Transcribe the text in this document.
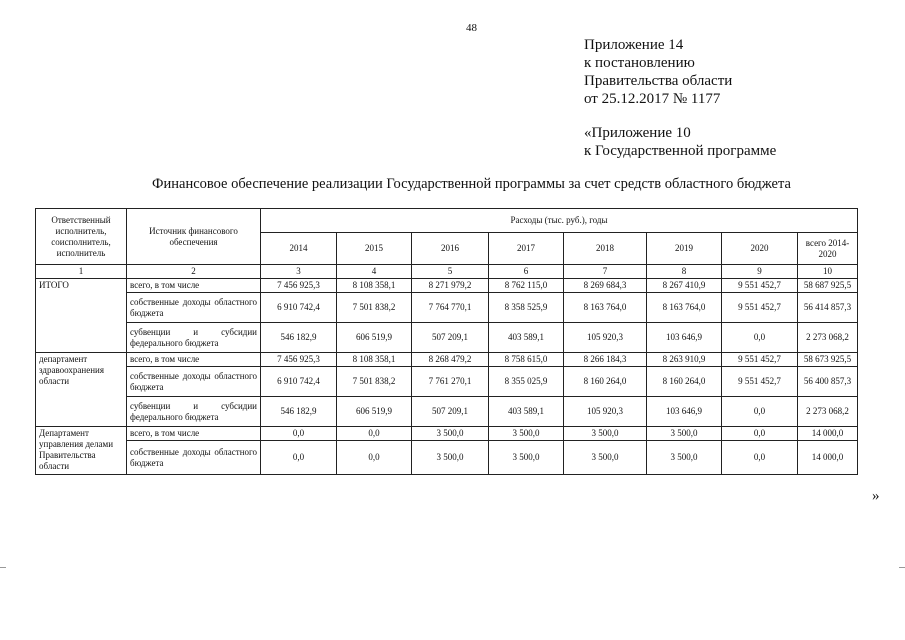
48
Приложение 14
к постановлению
Правительства области
от 25.12.2017 № 1177
«Приложение 10
к Государственной программе
Финансовое обеспечение реализации Государственной программы за счет средств областного бюджета
Ответственный исполнитель, соисполнитель, исполнитель	Источник финансового обеспечения	Расходы (тыс. руб.), годы							
		2014	2015	2016	2017	2018	2019	2020	всего 2014-2020
1	2	3	4	5	6	7	8	9	10
ИТОГО	всего, в том числе	7 456 925,3	8 108 358,1	8 271 979,2	8 762 115,0	8 269 684,3	8 267 410,9	9 551 452,7	58 687 925,5
	собственные доходы областного бюджета	6 910 742,4	7 501 838,2	7 764 770,1	8 358 525,9	8 163 764,0	8 163 764,0	9 551 452,7	56 414 857,3
	субвенции и субсидии федерального бюджета	546 182,9	606 519,9	507 209,1	403 589,1	105 920,3	103 646,9	0,0	2 273 068,2
департамент здравоохранения области	всего, в том числе	7 456 925,3	8 108 358,1	8 268 479,2	8 758 615,0	8 266 184,3	8 263 910,9	9 551 452,7	58 673 925,5
	собственные доходы областного бюджета	6 910 742,4	7 501 838,2	7 761 270,1	8 355 025,9	8 160 264,0	8 160 264,0	9 551 452,7	56 400 857,3
	субвенции и субсидии федерального бюджета	546 182,9	606 519,9	507 209,1	403 589,1	105 920,3	103 646,9	0,0	2 273 068,2
Департамент управления делами Правительства области	всего, в том числе	0,0	0,0	3 500,0	3 500,0	3 500,0	3 500,0	0,0	14 000,0
	собственные доходы областного бюджета	0,0	0,0	3 500,0	3 500,0	3 500,0	3 500,0	0,0	14 000,0
»
